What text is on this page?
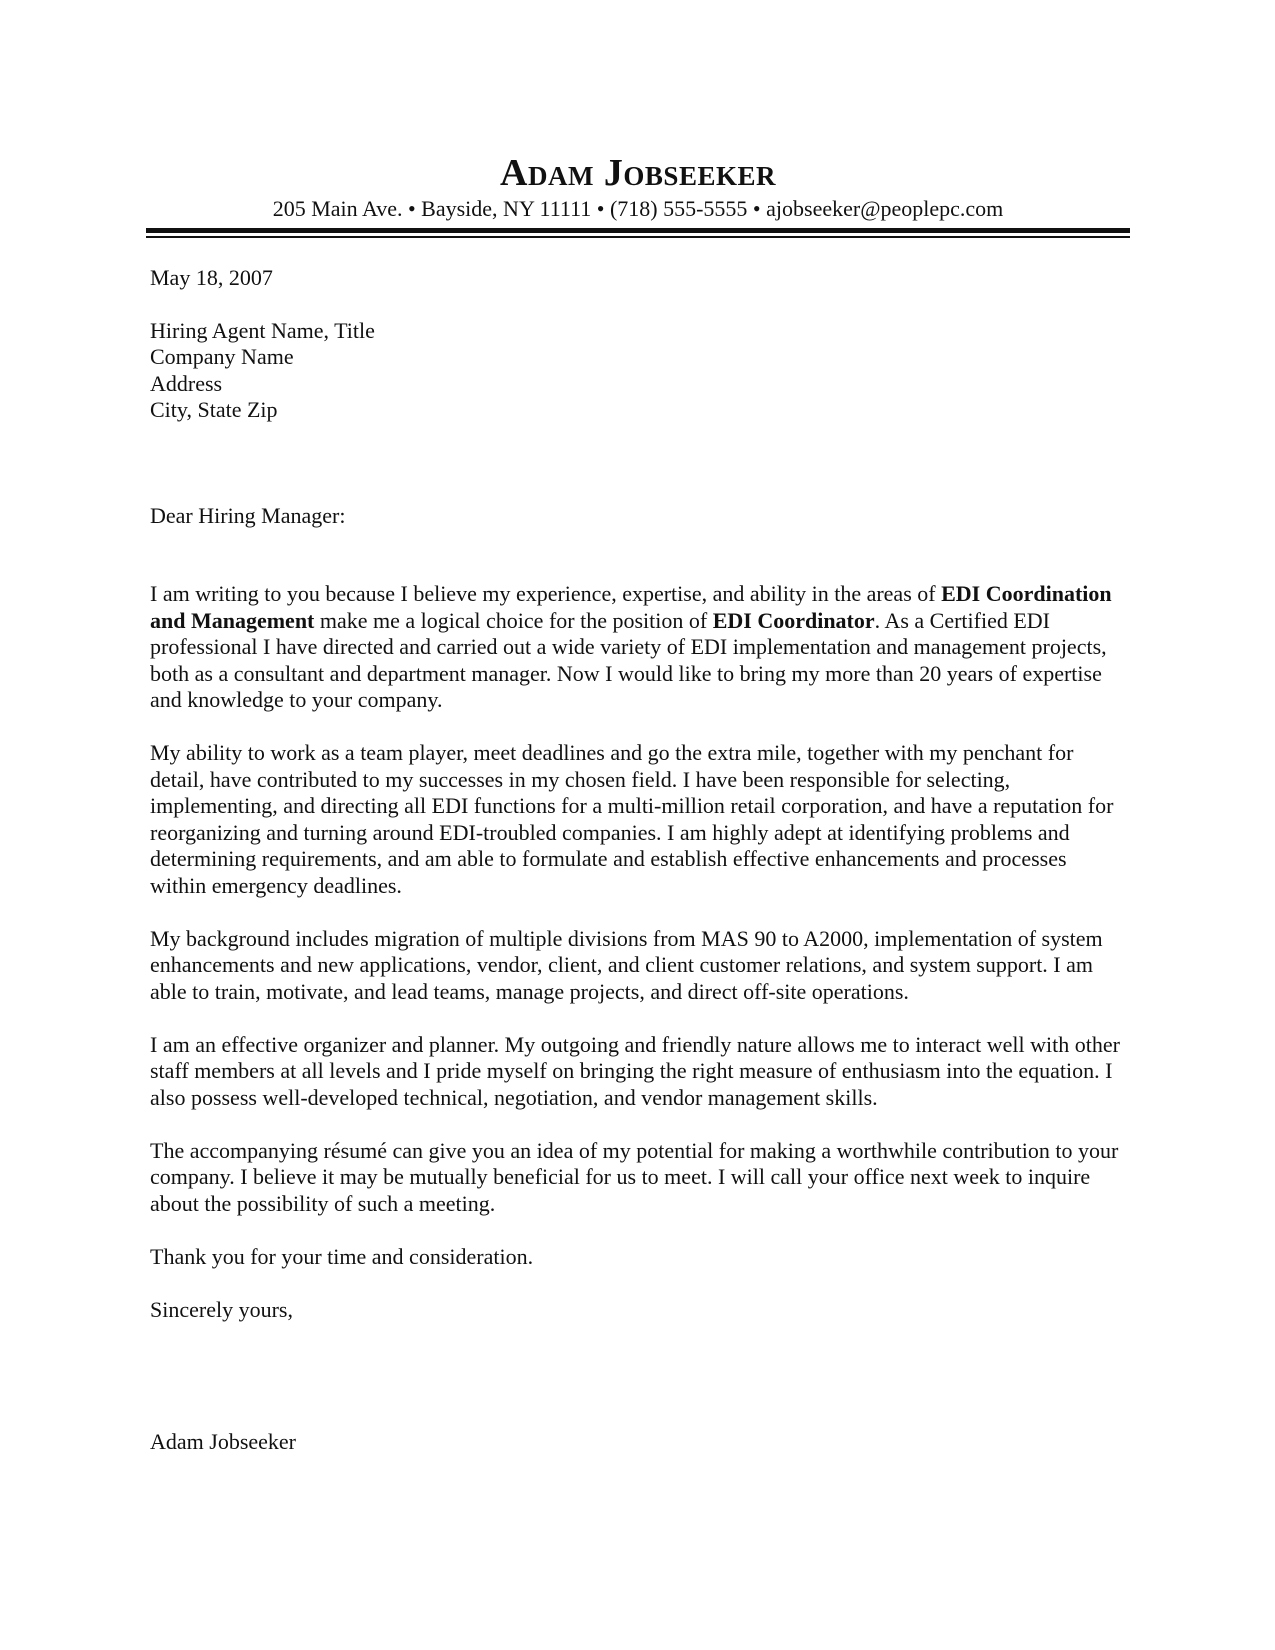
Adam Jobseeker
205 Main Ave. • Bayside, NY 11111 • (718) 555-5555 • ajobseeker@peoplepc.com

May 18, 2007

Hiring Agent Name, Title
Company Name
Address
City, State Zip

Dear Hiring Manager:

I am writing to you because I believe my experience, expertise, and ability in the areas of EDI Coordination and Management make me a logical choice for the position of EDI Coordinator. As a Certified EDI professional I have directed and carried out a wide variety of EDI implementation and management projects, both as a consultant and department manager. Now I would like to bring my more than 20 years of expertise and knowledge to your company.

My ability to work as a team player, meet deadlines and go the extra mile, together with my penchant for detail, have contributed to my successes in my chosen field. I have been responsible for selecting, implementing, and directing all EDI functions for a multi-million retail corporation, and have a reputation for reorganizing and turning around EDI-troubled companies. I am highly adept at identifying problems and determining requirements, and am able to formulate and establish effective enhancements and processes within emergency deadlines.

My background includes migration of multiple divisions from MAS 90 to A2000, implementation of system enhancements and new applications, vendor, client, and client customer relations, and system support. I am able to train, motivate, and lead teams, manage projects, and direct off-site operations.

I am an effective organizer and planner. My outgoing and friendly nature allows me to interact well with other staff members at all levels and I pride myself on bringing the right measure of enthusiasm into the equation. I also possess well-developed technical, negotiation, and vendor management skills.

The accompanying résumé can give you an idea of my potential for making a worthwhile contribution to your company. I believe it may be mutually beneficial for us to meet. I will call your office next week to inquire about the possibility of such a meeting.

Thank you for your time and consideration.

Sincerely yours,

Adam Jobseeker
